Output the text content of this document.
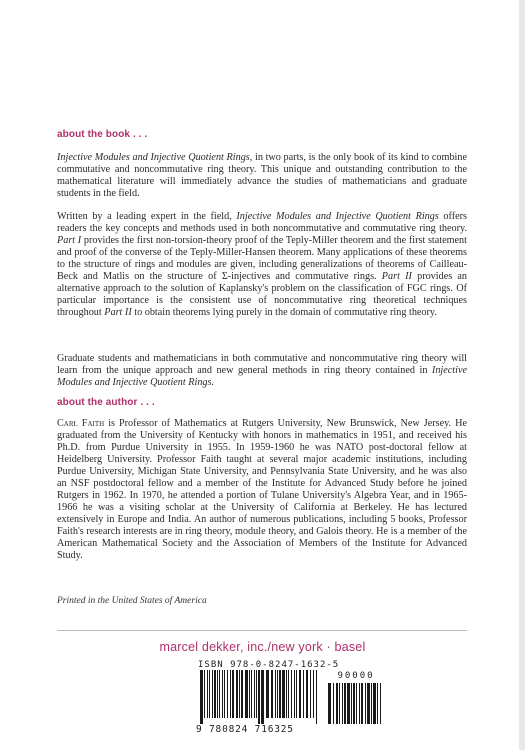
about the book . . .
Injective Modules and Injective Quotient Rings, in two parts, is the only book of its kind to combine commutative and noncommutative ring theory. This unique and outstanding contribution to the mathematical literature will immediately advance the studies of mathematicians and graduate students in the field.
Written by a leading expert in the field, Injective Modules and Injective Quotient Rings offers readers the key concepts and methods used in both noncommutative and commutative ring theory. Part I provides the first non-torsion-theory proof of the Teply-Miller theorem and the first statement and proof of the converse of the Teply-Miller-Hansen theorem. Many applications of these theorems to the structure of rings and modules are given, including generalizations of theorems of Cailleau-Beck and Matlis on the structure of Σ-injectives and commutative rings. Part II provides an alternative approach to the solution of Kaplansky's problem on the classification of FGC rings. Of particular importance is the consistent use of noncommutative ring theoretical techniques throughout Part II to obtain theorems lying purely in the domain of commutative ring theory.
Graduate students and mathematicians in both commutative and noncommutative ring theory will learn from the unique approach and new general methods in ring theory contained in Injective Modules and Injective Quotient Rings.
about the author . . .
Carl Faith is Professor of Mathematics at Rutgers University, New Brunswick, New Jersey. He graduated from the University of Kentucky with honors in mathematics in 1951, and received his Ph.D. from Purdue University in 1955. In 1959-1960 he was NATO post-doctoral fellow at Heidelberg University. Professor Faith taught at several major academic institutions, including Purdue University, Michigan State University, and Pennsylvania State University, and he was also an NSF postdoctoral fellow and a member of the Institute for Advanced Study before he joined Rutgers in 1962. In 1970, he attended a portion of Tulane University's Algebra Year, and in 1965-1966 he was a visiting scholar at the University of California at Berkeley. He has lectured extensively in Europe and India. An author of numerous publications, including 5 books, Professor Faith's research interests are in ring theory, module theory, and Galois theory. He is a member of the American Mathematical Society and the Association of Members of the Institute for Advanced Study.
Printed in the United States of America
marcel dekker, inc./new york · basel
ISBN 978-0-8247-1632-5
90000
9 780824 716325
